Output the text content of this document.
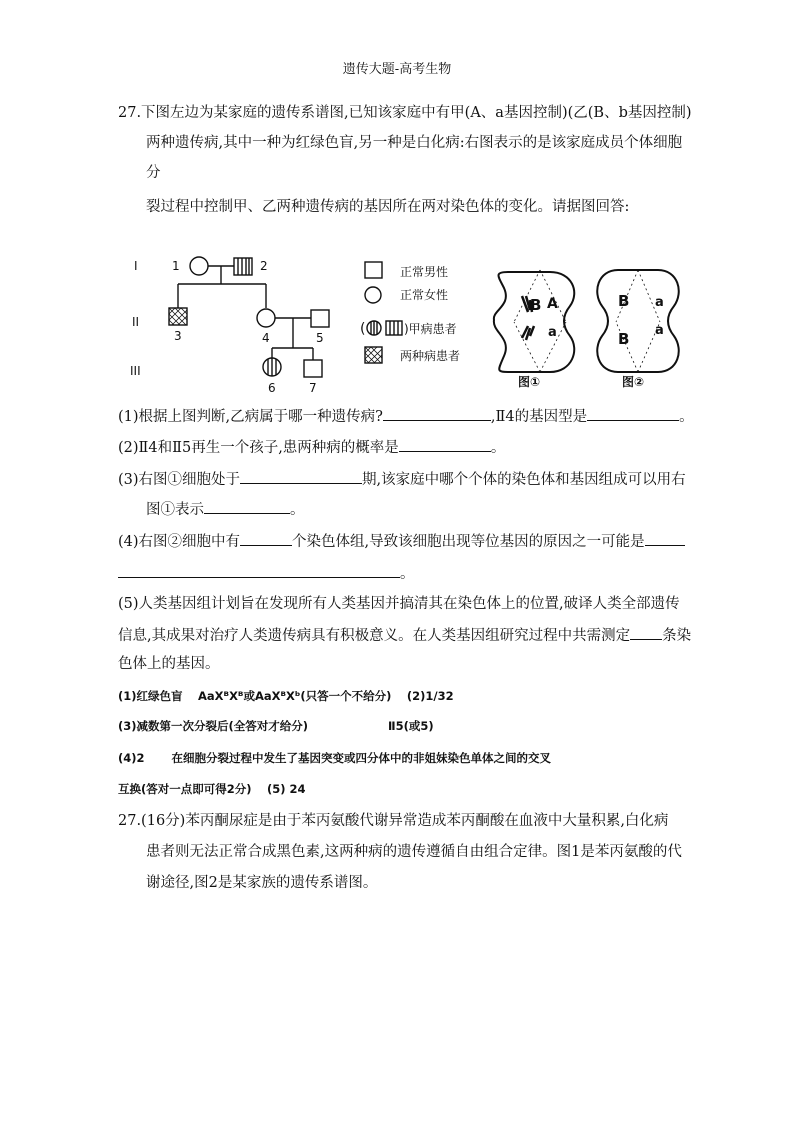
遗传大题-高考生物
27.下图左边为某家庭的遗传系谱图,已知该家庭中有甲(A、a基因控制)(乙(B、b基因控制)
两种遗传病,其中一种为红绿色盲,另一种是白化病:右图表示的是该家庭成员个体细胞
分
裂过程中控制甲、乙两种遗传病的基因所在两对染色体的变化。请据图回答:
I
II
III
1	2
3	4	5
6	7
正常男性
正常女性
(	)甲病患者
两种病患者
B A
a
图①
B
B
a
a
图②
(1)根据上图判断,乙病属于哪一种遗传病?	,Ⅱ4的基因型是	。
(2)Ⅱ4和Ⅱ5再生一个孩子,患两种病的概率是	。
(3)右图①细胞处于	期,该家庭中哪个个体的染色体和基因组成可以用右
图①表示	。
(4)右图②细胞中有	个染色体组,导致该细胞出现等位基因的原因之一可能是
。
(5)人类基因组计划旨在发现所有人类基因并搞清其在染色体上的位置,破译人类全部遗传
信息,其成果对治疗人类遗传病具有积极意义。在人类基因组研究过程中共需测定 条染
色体上的基因。
(1)红绿色盲　 AaXᴮXᴮ或AaXᴮXᵇ(只答一个不给分)　 (2)1/32
(3)减数第一次分裂后(全答对才给分)	Ⅱ5(或5)
(4)2　　 在细胞分裂过程中发生了基因突变或四分体中的非姐妹染色单体之间的交叉
互换(答对一点即可得2分)　 (5) 24
27.(16分)苯丙酮尿症是由于苯丙氨酸代谢异常造成苯丙酮酸在血液中大量积累,白化病
患者则无法正常合成黑色素,这两种病的遗传遵循自由组合定律。图1是苯丙氨酸的代
谢途径,图2是某家族的遗传系谱图。
